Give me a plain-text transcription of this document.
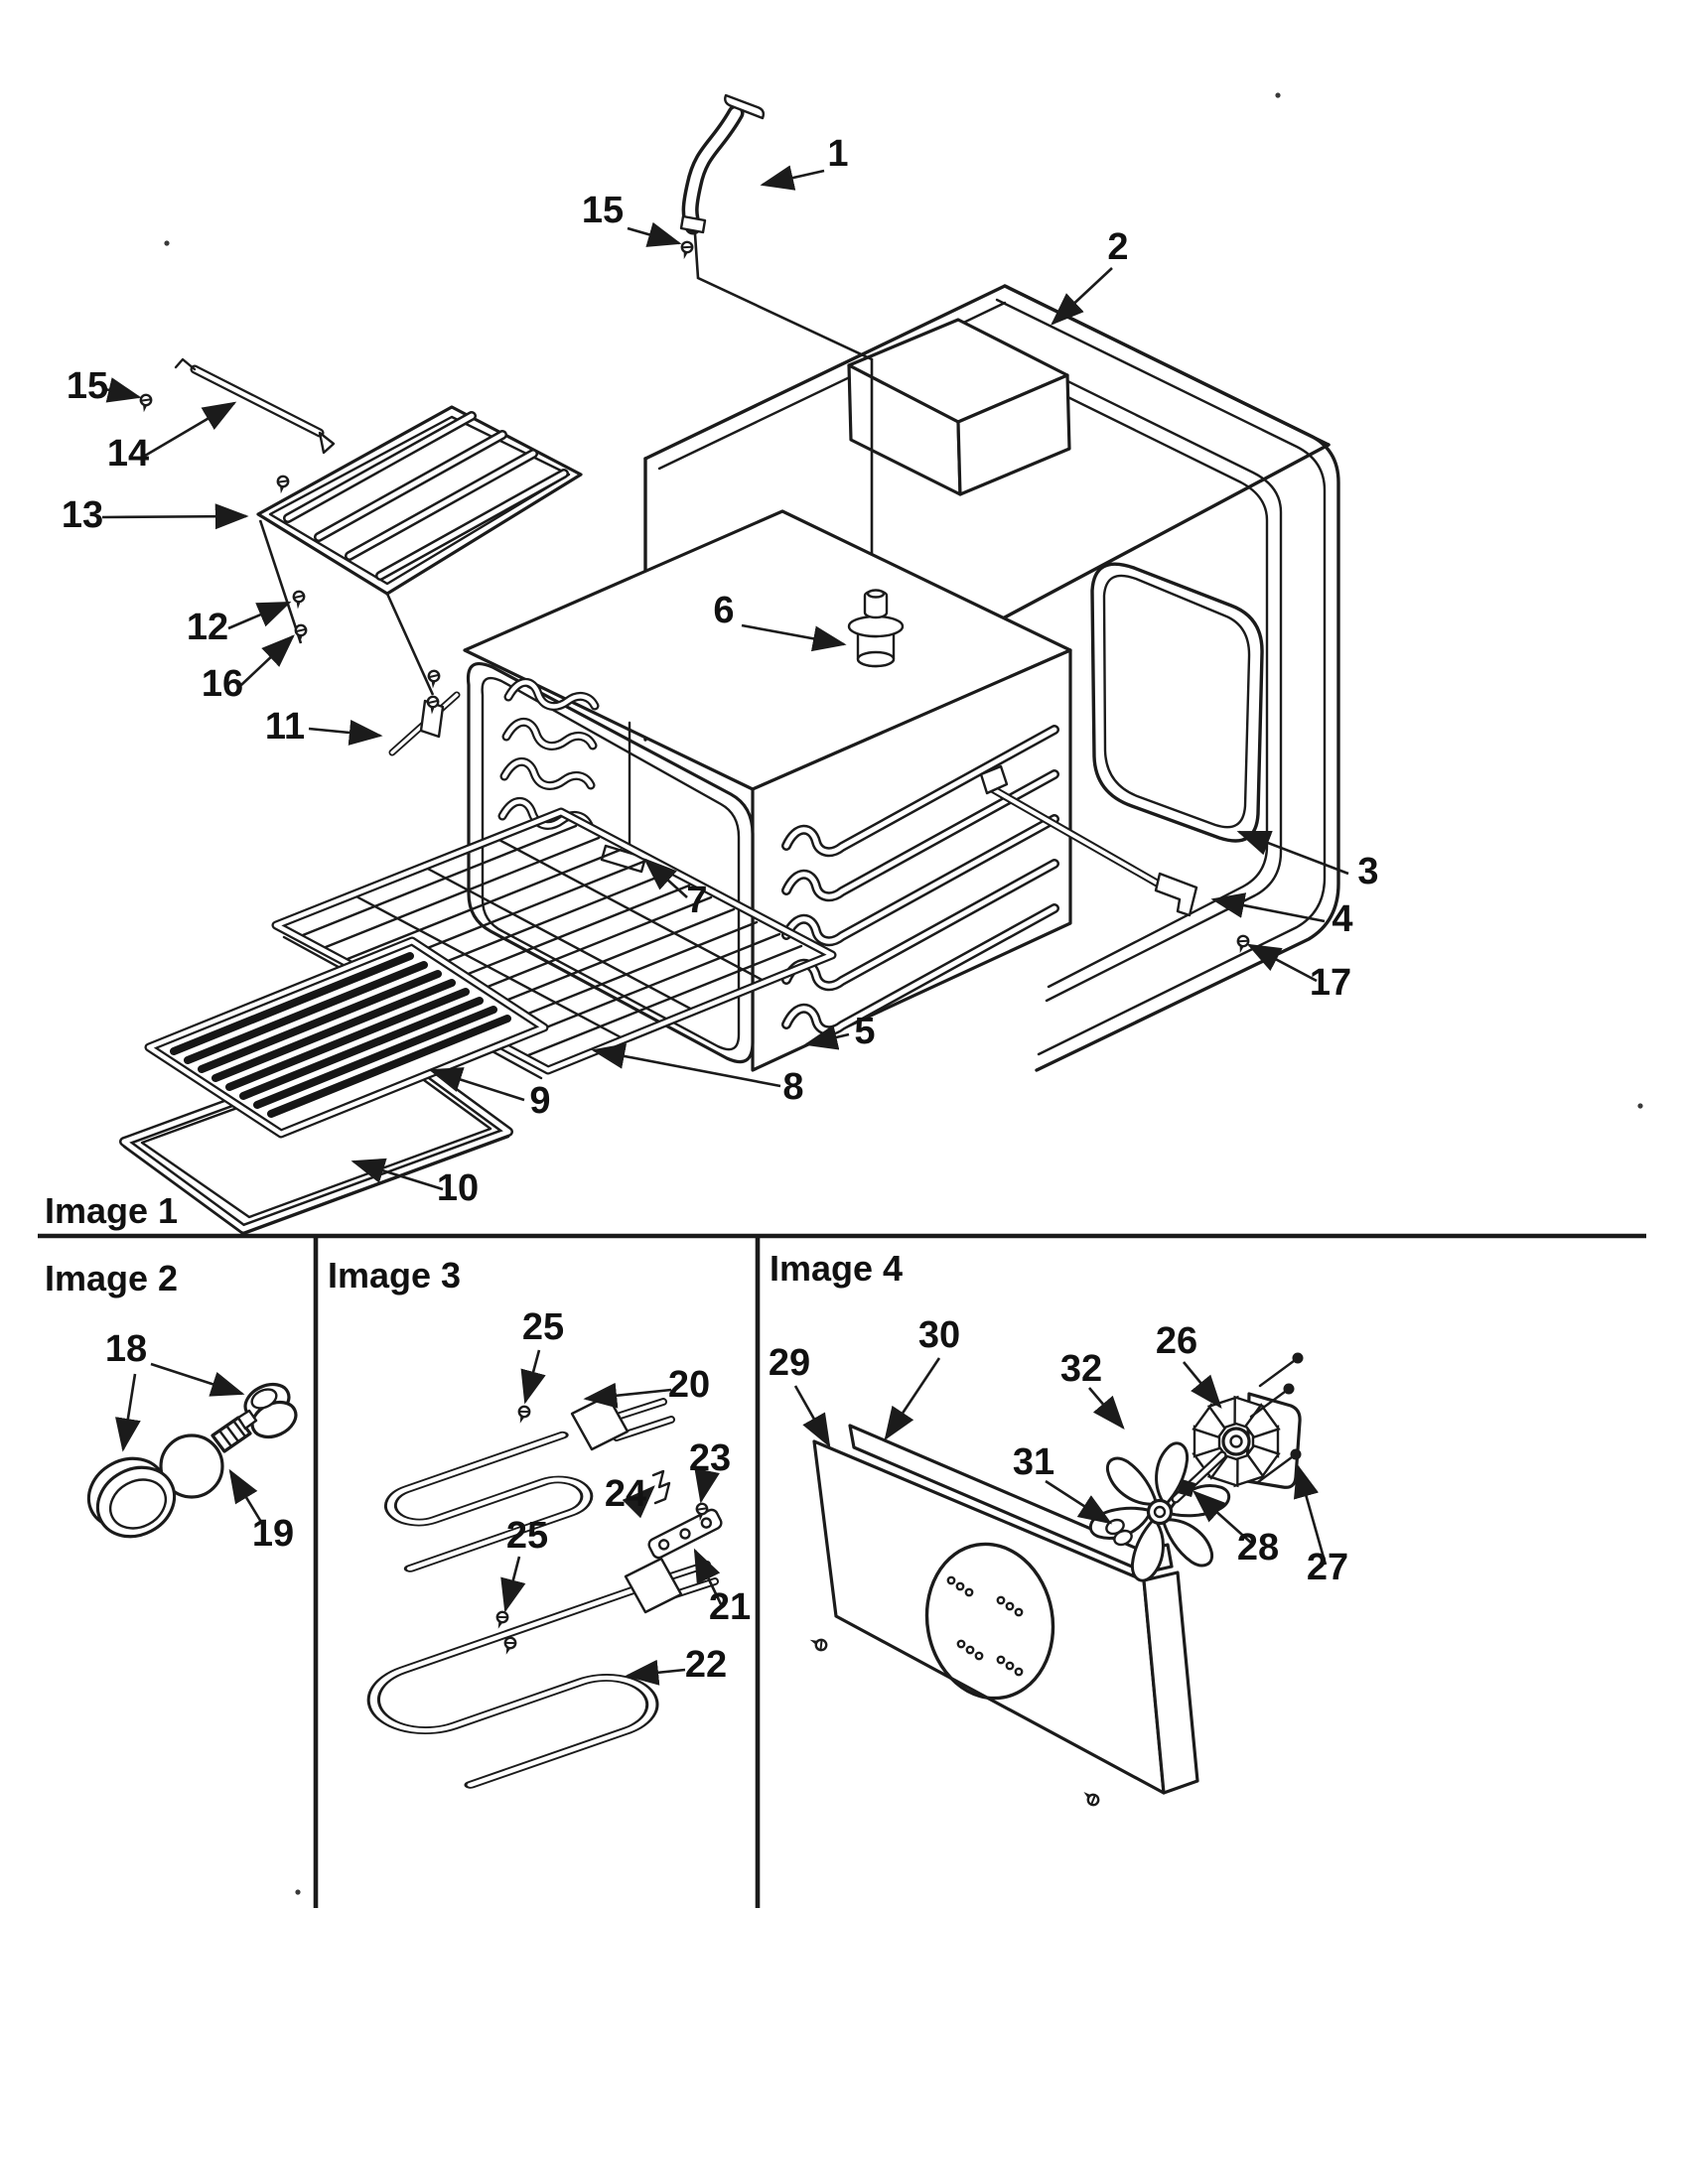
1
15
2
15
14
13
12
16
11
6
7
3
4
17
5
8
9
10
18
19
25
20
23
24
21
25
22
29
30
32
31
26
27
28
Image 1
Image 2	Image 3	Image 4
